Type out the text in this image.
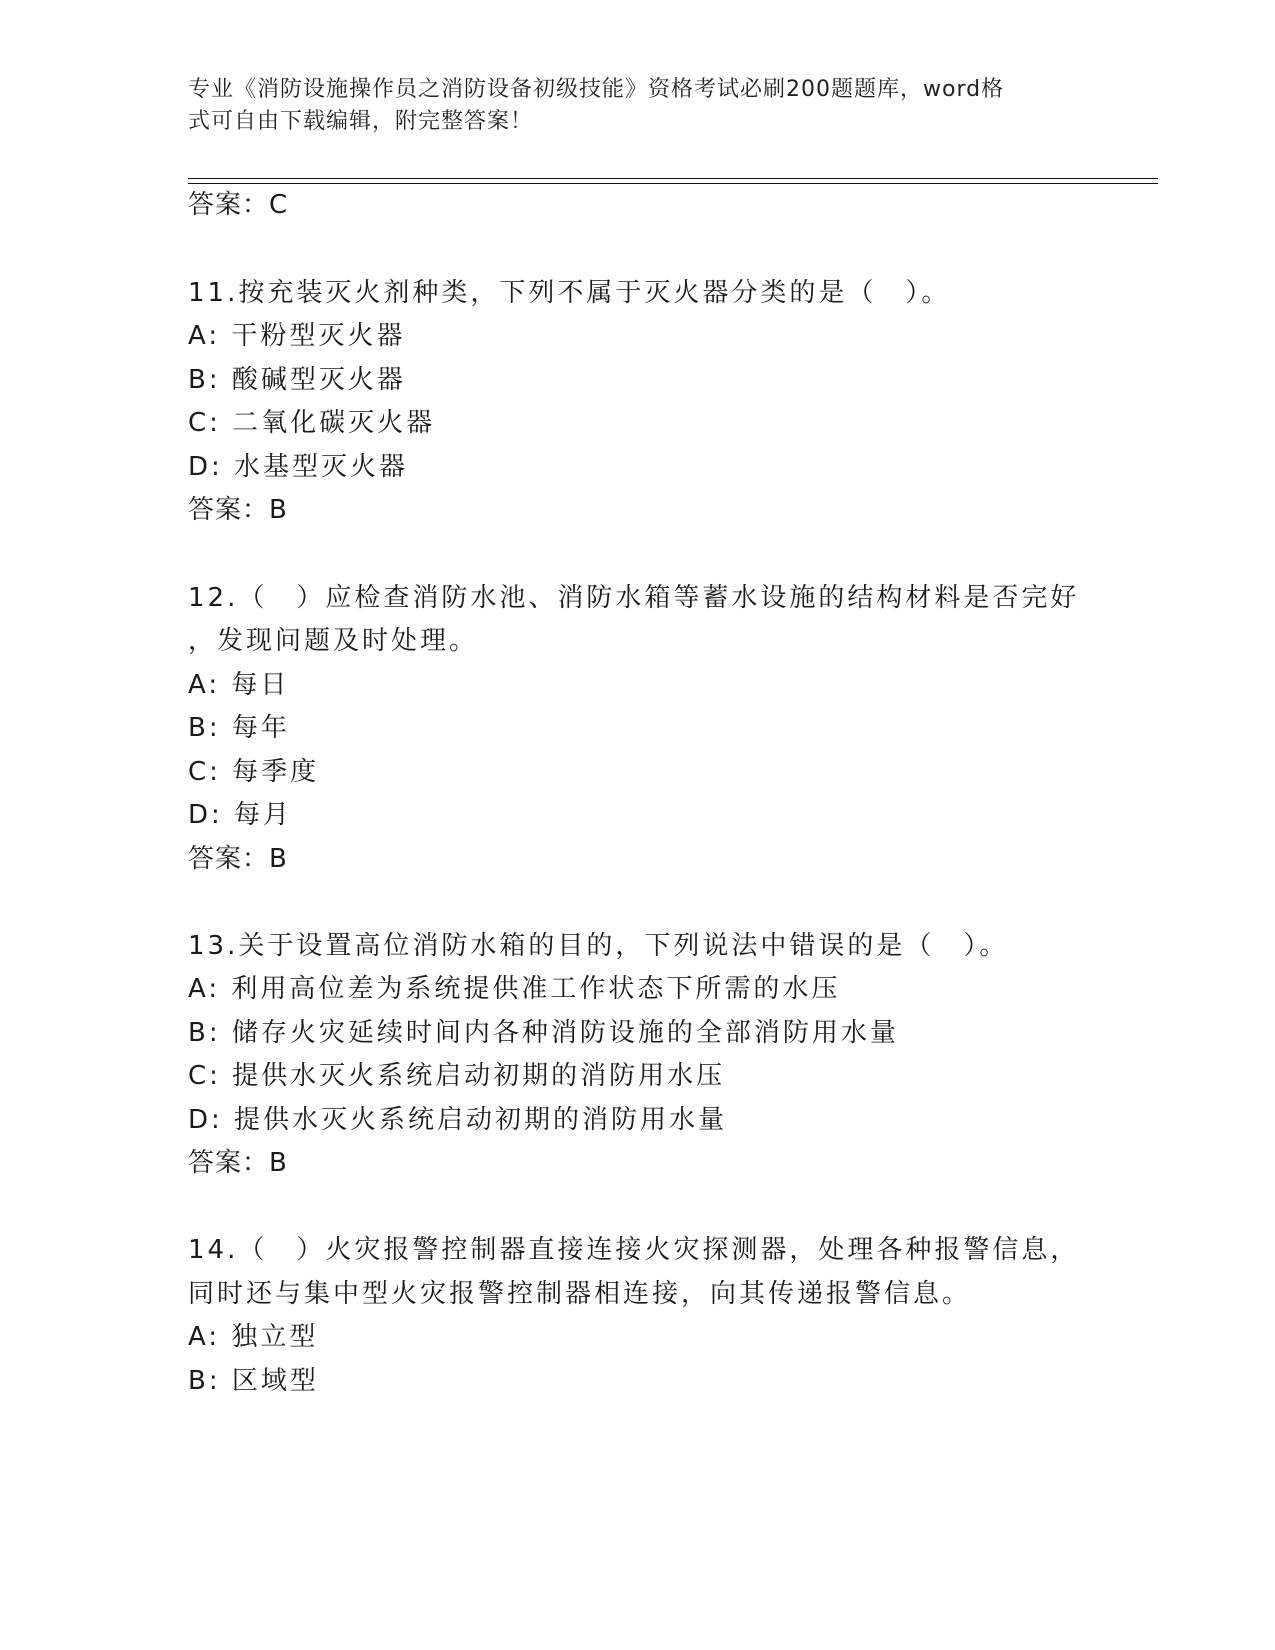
专业《消防设施操作员之消防设备初级技能》资格考试必刷200题题库，word格
式可自由下载编辑，附完整答案！
答案：C
11.按充装灭火剂种类，下列不属于灭火器分类的是（　）。
A: 干粉型灭火器
B: 酸碱型灭火器
C: 二氧化碳灭火器
D: 水基型灭火器
答案：B
12.（　）应检查消防水池、消防水箱等蓄水设施的结构材料是否完好
，发现问题及时处理。
A: 每日
B: 每年
C: 每季度
D: 每月
答案：B
13.关于设置高位消防水箱的目的，下列说法中错误的是（　）。
A: 利用高位差为系统提供准工作状态下所需的水压
B: 储存火灾延续时间内各种消防设施的全部消防用水量
C: 提供水灭火系统启动初期的消防用水压
D: 提供水灭火系统启动初期的消防用水量
答案：B
14.（　）火灾报警控制器直接连接火灾探测器，处理各种报警信息，
同时还与集中型火灾报警控制器相连接，向其传递报警信息。
A: 独立型
B: 区域型
